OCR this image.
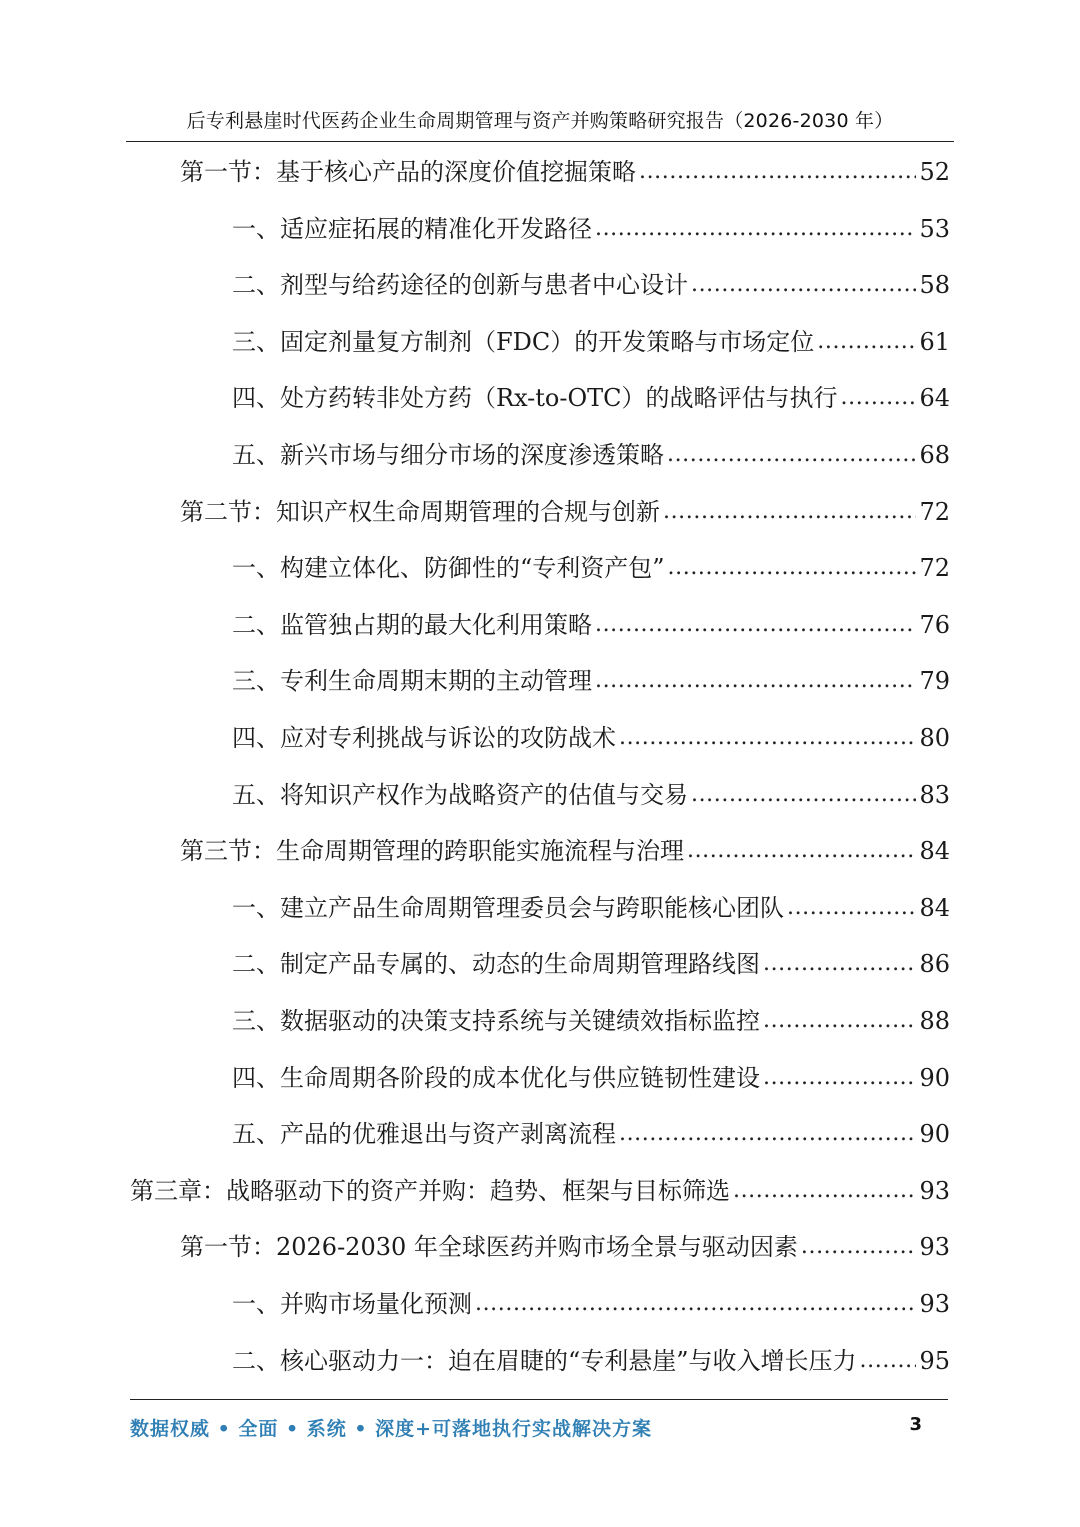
后专利悬崖时代医药企业生命周期管理与资产并购策略研究报告（2026-2030 年）
第一节：基于核心产品的深度价值挖掘策略 .....	52
一、适应症拓展的精准化开发路径 .....	53
二、剂型与给药途径的创新与患者中心设计 .....	58
三、固定剂量复方制剂（FDC）的开发策略与市场定位 .....	61
四、处方药转非处方药（Rx-to-OTC）的战略评估与执行 .....	64
五、新兴市场与细分市场的深度渗透策略 .....	68
第二节：知识产权生命周期管理的合规与创新 .....	72
一、构建立体化、防御性的“专利资产包” .....	72
二、监管独占期的最大化利用策略 .....	76
三、专利生命周期末期的主动管理 .....	79
四、应对专利挑战与诉讼的攻防战术 .....	80
五、将知识产权作为战略资产的估值与交易 .....	83
第三节：生命周期管理的跨职能实施流程与治理 .....	84
一、建立产品生命周期管理委员会与跨职能核心团队 .....	84
二、制定产品专属的、动态的生命周期管理路线图 .....	86
三、数据驱动的决策支持系统与关键绩效指标监控 .....	88
四、生命周期各阶段的成本优化与供应链韧性建设 .....	90
五、产品的优雅退出与资产剥离流程 .....	90
第三章：战略驱动下的资产并购：趋势、框架与目标筛选 .....	93
第一节：2026-2030 年全球医药并购市场全景与驱动因素 .....	93
一、并购市场量化预测 .....	93
二、核心驱动力一：迫在眉睫的“专利悬崖”与收入增长压力 .....	95
数据权威 • 全面 • 系统 • 深度+可落地执行实战解决方案	3
